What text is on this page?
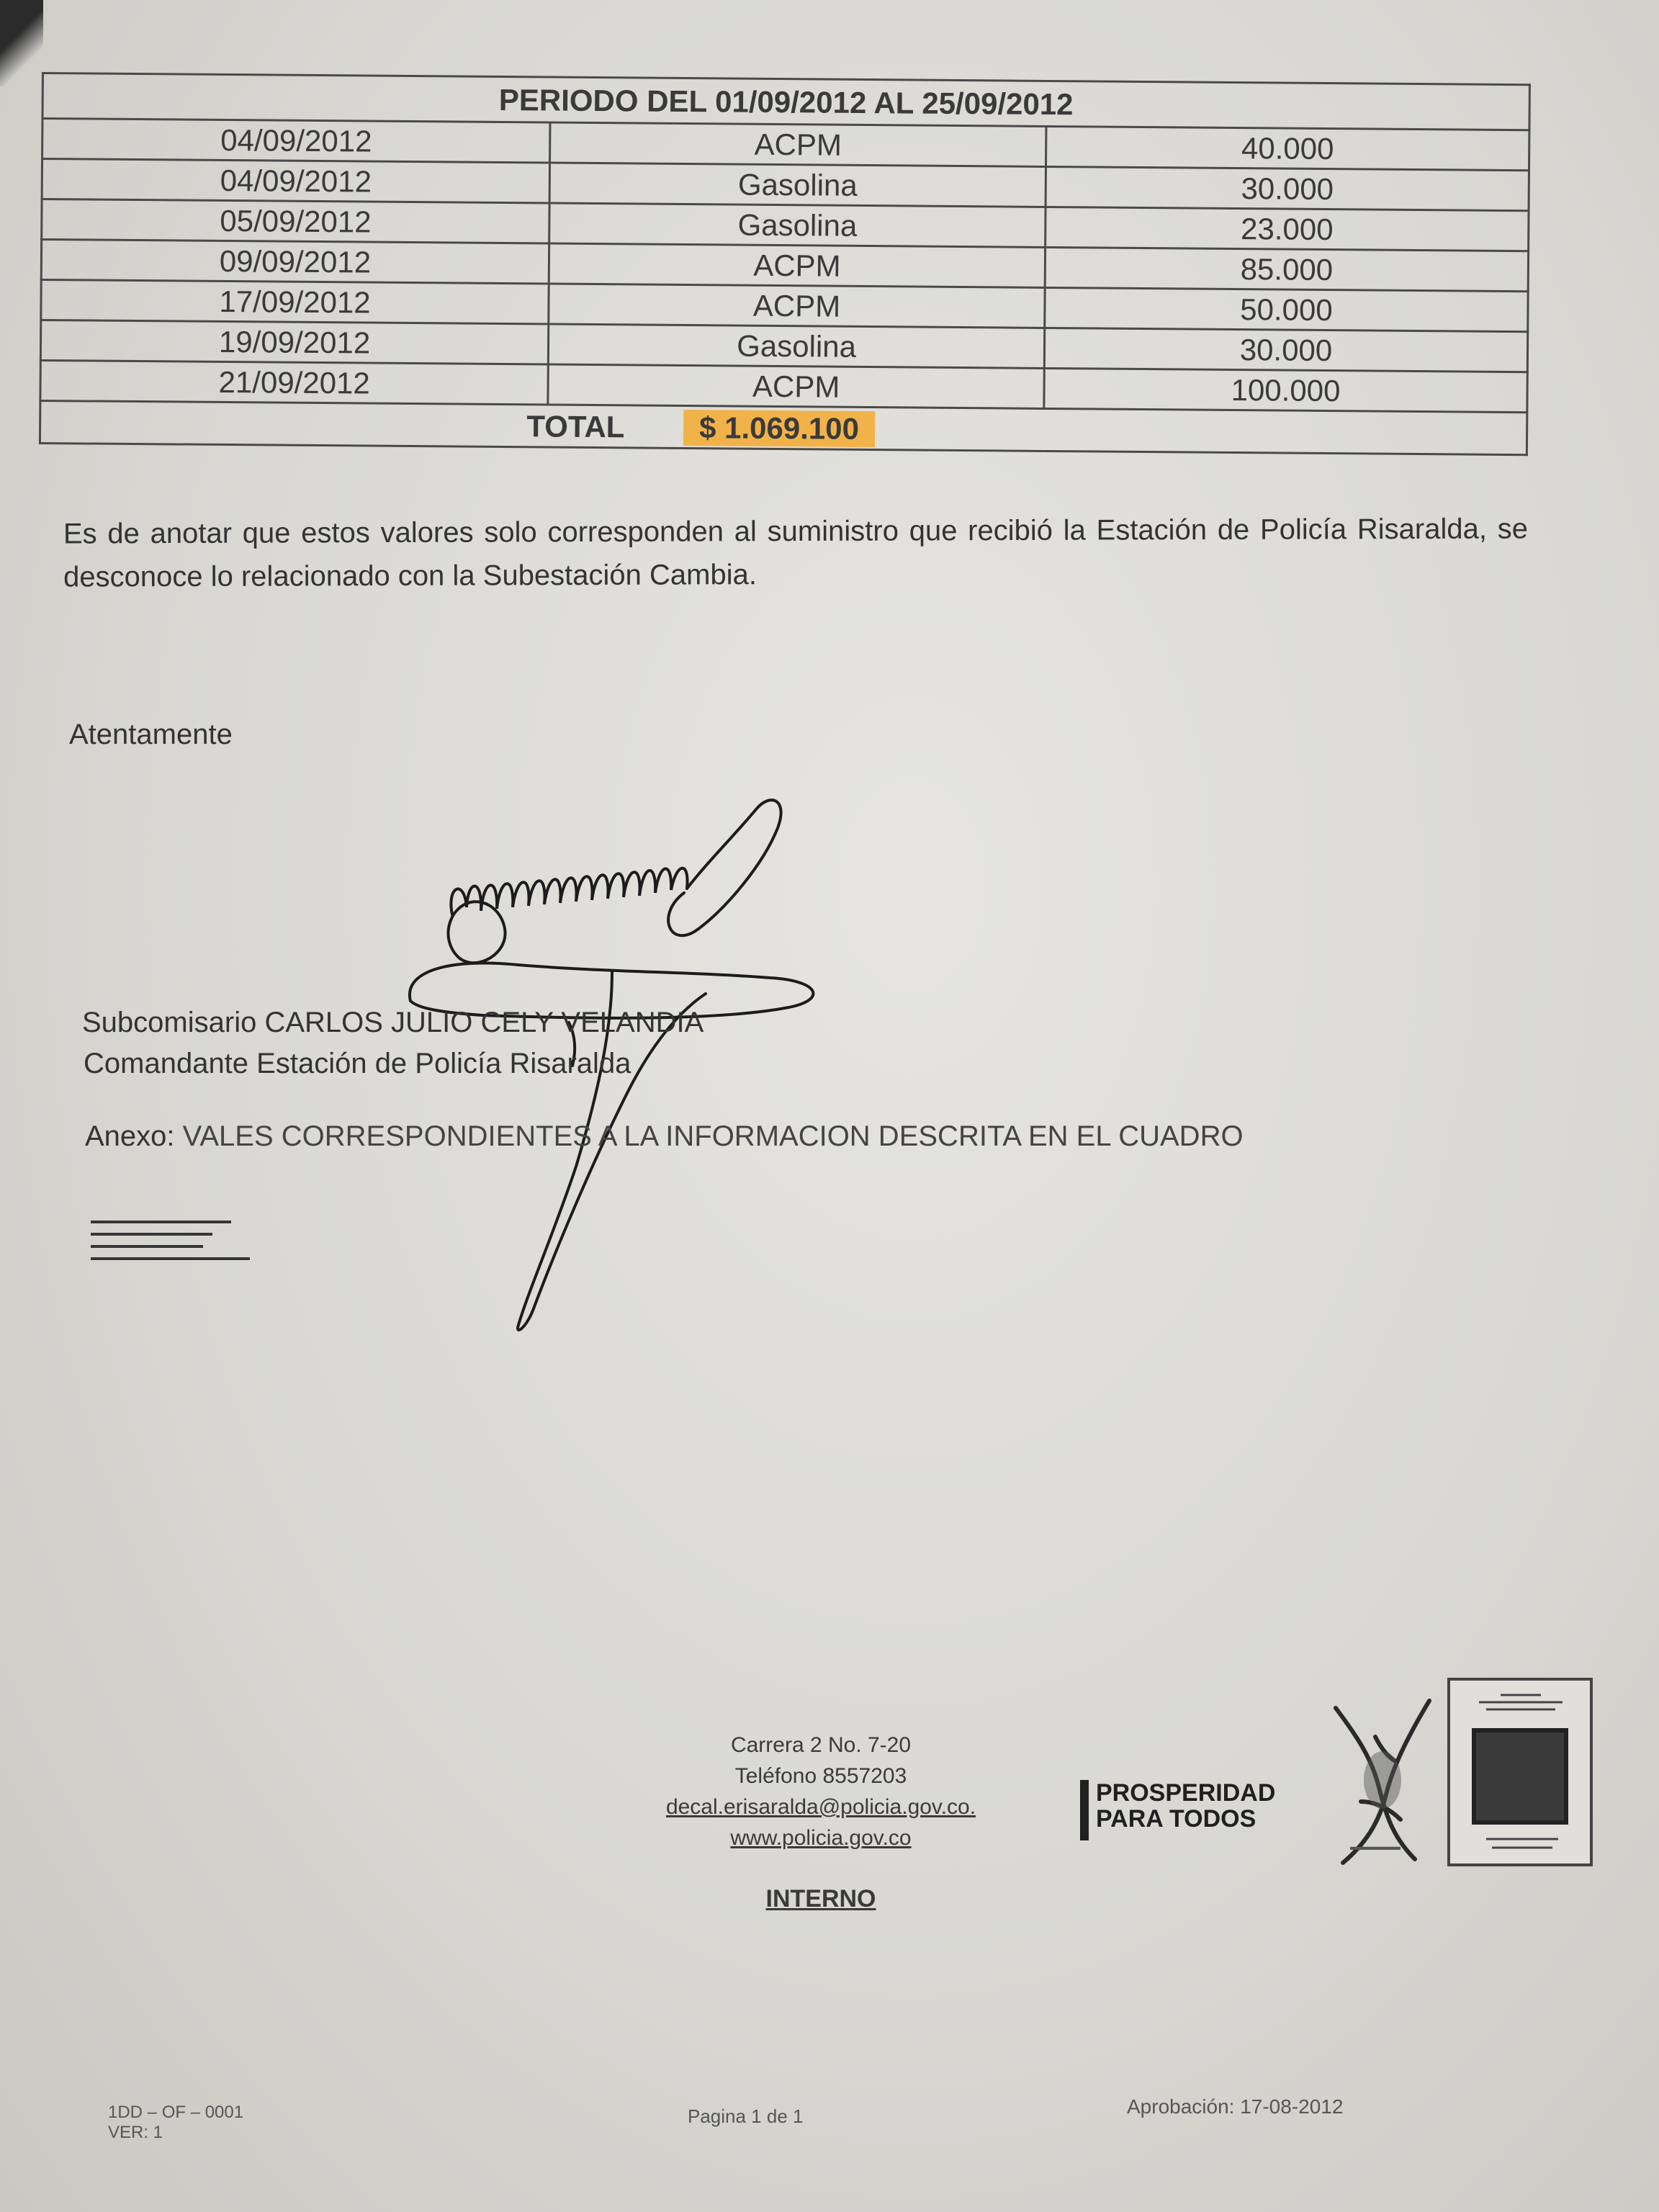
PERIODO DEL 01/09/2012 AL 25/09/2012		
04/09/2012	ACPM	40.000
04/09/2012	Gasolina	30.000
05/09/2012	Gasolina	23.000
09/09/2012	ACPM	85.000
17/09/2012	ACPM	50.000
19/09/2012	Gasolina	30.000
21/09/2012	ACPM	100.000
TOTAL $ 1.069.100		

Es de anotar que estos valores solo corresponden al suministro que recibió la Estación de Policía Risaralda, se desconoce lo relacionado con la Subestación Cambia.

Atentamente
Subcomisario CARLOS JULIO CELY VELANDIA
Comandante Estación de Policía Risaralda
Anexo: VALES CORRESPONDIENTES A LA INFORMACION DESCRITA EN EL CUADRO
▬▬▬▬▬▬▬▬▬▬▬▬▬▬▬
▬▬▬▬▬▬▬▬▬▬▬▬▬
▬▬▬▬▬▬▬▬▬▬▬▬
▬▬▬▬▬▬▬▬▬▬▬▬▬▬▬▬▬
Carrera 2 No. 7-20
Teléfono 8557203
decal.erisaralda@policia.gov.co.
www.policia.gov.co
INTERNO
PROSPERIDAD
PARA TODOS
▬▬▬▬▬
1DD – OF – 0001
VER: 1
Pagina 1 de 1	Aprobación: 17-08-2012
